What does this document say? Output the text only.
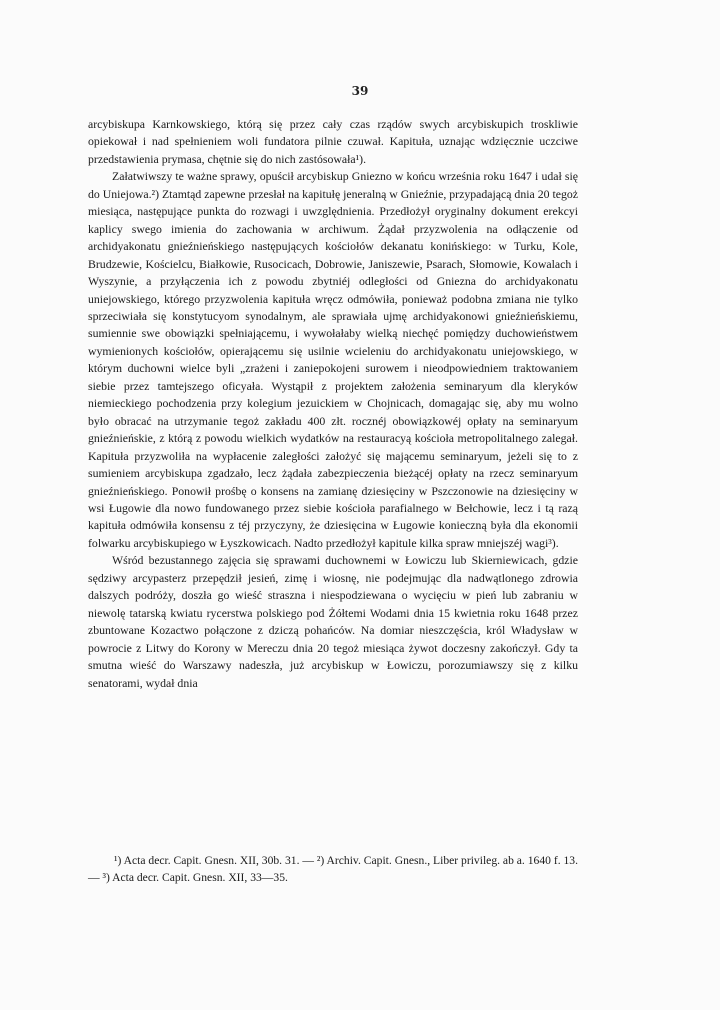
39

arcybiskupa Karnkowskiego, którą się przez cały czas rządów swych arcybiskupich troskliwie opiekował i nad spełnieniem woli fundatora pilnie czuwał. Kapituła, uznając wdzięcznie uczciwe przedstawienia prymasa, chętnie się do nich zastósowała¹).

Załatwiwszy te ważne sprawy, opuścił arcybiskup Gniezno w końcu września roku 1647 i udał się do Uniejowa.²) Ztamtąd zapewne przesłał na kapitułę jeneralną w Gnieźnie, przypadającą dnia 20 tegoż miesiąca, następujące punkta do rozwagi i uwzględnienia. Przedłożył oryginalny dokument erekcyi kaplicy swego imienia do zachowania w archiwum. Żądał przyzwolenia na odłączenie od archidyakonatu gnieźnieńskiego następujących kościołów dekanatu konińskiego: w Turku, Kole, Brudzewie, Kościelcu, Białkowie, Rusocicach, Dobrowie, Janiszewie, Psarach, Słomowie, Kowalach i Wyszynie, a przyłączenia ich z powodu zbytniéj odległości od Gniezna do archidyakonatu uniejowskiego, którego przyzwolenia kapituła wręcz odmówiła, ponieważ podobna zmiana nie tylko sprzeciwiała się konstytucyom synodalnym, ale sprawiała ujmę archidyakonowi gnieźnieńskiemu, sumiennie swe obowiązki spełniającemu, i wywołałaby wielką niechęć pomiędzy duchowieństwem wymienionych kościołów, opierającemu się usilnie wcieleniu do archidyakonatu uniejowskiego, w którym duchowni wielce byli „zrażeni i zaniepokojeni surowem i nieodpowiedniem traktowaniem siebie przez tamtejszego oficyała. Wystąpił z projektem założenia seminaryum dla kleryków niemieckiego pochodzenia przy kolegium jezuickiem w Chojnicach, domagając się, aby mu wolno było obracać na utrzymanie tegoż zakładu 400 złt. rocznéj obowiązkowéj opłaty na seminaryum gnieźnieńskie, z którą z powodu wielkich wydatków na restauracyą kościoła metropolitalnego zalegał. Kapituła przyzwoliła na wypłacenie zaległości założyć się mającemu seminaryum, jeżeli się to z sumieniem arcybiskupa zgadzało, lecz żądała zabezpieczenia bieżącéj opłaty na rzecz seminaryum gnieźnieńskiego. Ponowił prośbę o konsens na zamianę dziesięciny w Pszczonowie na dziesięciny w wsi Ługowie dla nowo fundowanego przez siebie kościoła parafialnego w Bełchowie, lecz i tą razą kapituła odmówiła konsensu z téj przyczyny, że dziesięcina w Ługowie konieczną była dla ekonomii folwarku arcybiskupiego w Łyszkowicach. Nadto przedłożył kapitule kilka spraw mniejszéj wagi³).

Wśród bezustannego zajęcia się sprawami duchownemi w Łowiczu lub Skierniewicach, gdzie sędziwy arcypasterz przepędził jesień, zimę i wiosnę, nie podejmując dla nadwątlonego zdrowia dalszych podróży, doszła go wieść straszna i niespodziewana o wycięciu w pień lub zabraniu w niewolę tatarską kwiatu rycerstwa polskiego pod Żółtemi Wodami dnia 15 kwietnia roku 1648 przez zbuntowane Kozactwo połączone z dziczą pohańców. Na domiar nieszczęścia, król Władysław w powrocie z Litwy do Korony w Mereczu dnia 20 tegoż miesiąca żywot doczesny zakończył. Gdy ta smutna wieść do Warszawy nadeszła, już arcybiskup w Łowiczu, porozumiawszy się z kilku senatorami, wydał dnia

¹) Acta decr. Capit. Gnesn. XII, 30b. 31. — ²) Archiv. Capit. Gnesn., Liber privileg. ab a. 1640 f. 13. — ³) Acta decr. Capit. Gnesn. XII, 33—35.
